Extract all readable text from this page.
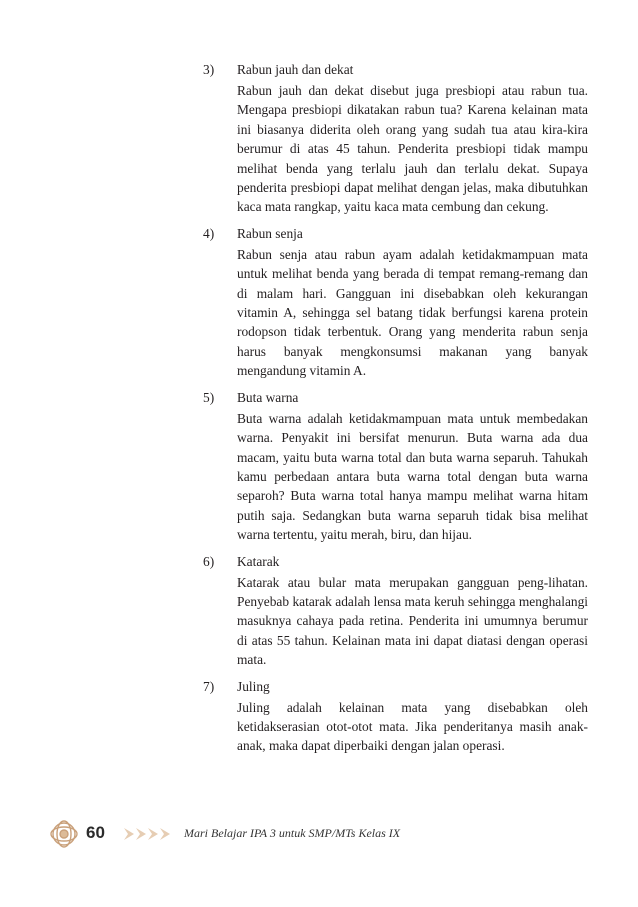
3)	Rabun jauh dan dekat
Rabun jauh dan dekat disebut juga presbiopi atau rabun tua. Mengapa presbiopi dikatakan rabun tua? Karena kelainan mata ini biasanya diderita oleh orang yang sudah tua atau kira-kira berumur di atas 45 tahun. Penderita presbiopi tidak mampu melihat benda yang terlalu jauh dan terlalu dekat. Supaya penderita presbiopi dapat melihat dengan jelas, maka dibutuhkan kaca mata rangkap, yaitu kaca mata cembung dan cekung.
4)	Rabun senja
Rabun senja atau rabun ayam adalah ketidakmampuan mata untuk melihat benda yang berada di tempat remang-remang dan di malam hari. Gangguan ini disebabkan oleh kekurangan vitamin A, sehingga sel batang tidak berfungsi karena protein rodopson tidak terbentuk. Orang yang menderita rabun senja harus banyak mengkonsumsi makanan yang banyak mengandung vitamin A.
5)	Buta warna
Buta warna adalah ketidakmampuan mata untuk membedakan warna. Penyakit ini bersifat menurun. Buta warna ada dua macam, yaitu buta warna total dan buta warna separuh. Tahukah kamu perbedaan antara buta warna total dengan buta warna separoh? Buta warna total hanya mampu melihat warna hitam putih saja. Sedangkan buta warna separuh tidak bisa melihat warna tertentu, yaitu merah, biru, dan hijau.
6)	Katarak
Katarak atau bular mata merupakan gangguan peng-lihatan. Penyebab katarak adalah lensa mata keruh sehingga menghalangi masuknya cahaya pada retina. Penderita ini umumnya berumur di atas 55 tahun. Kelainan mata ini dapat diatasi dengan operasi mata.
7)	Juling
Juling adalah kelainan mata yang disebabkan oleh ketidakserasian otot-otot mata. Jika penderitanya masih anak-anak, maka dapat diperbaiki dengan jalan operasi.
60	Mari Belajar IPA 3 untuk SMP/MTs Kelas IX
